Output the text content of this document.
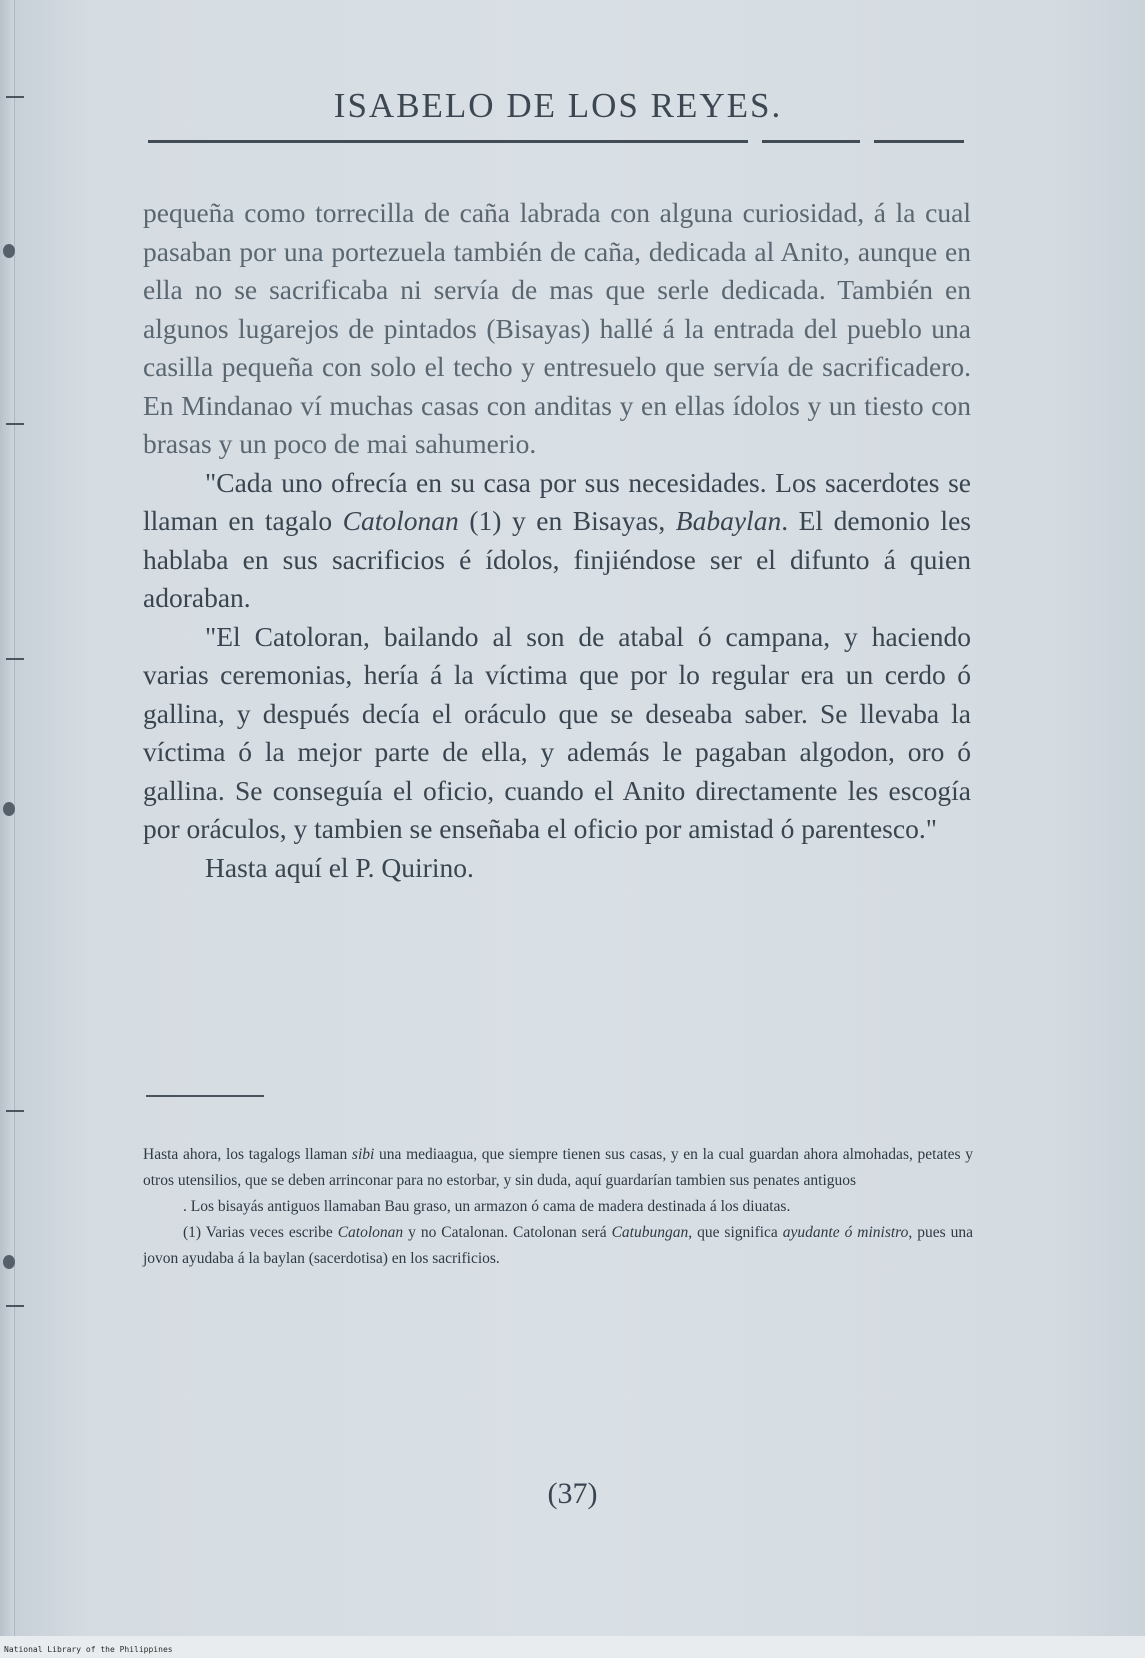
ISABELO DE LOS REYES.

pequeña como torrecilla de caña labrada con alguna curiosidad, á la cual pasaban por una portezuela también de caña, dedicada al Anito, aunque en ella no se sacrificaba ni servía de mas que serle dedicada. También en algunos lugarejos de pintados (Bisayas) hallé á la entrada del pueblo una casilla pequeña con solo el techo y entresuelo que servía de sacrificadero. En Mindanao ví muchas casas con anditas y en ellas ídolos y un tiesto con brasas y un poco de mai sahumerio.

"Cada uno ofrecía en su casa por sus necesidades. Los sacerdotes se llaman en tagalo Catolonan (1) y en Bisayas, Babaylan. El demonio les hablaba en sus sacrificios é ídolos, finjiéndose ser el difunto á quien adoraban.

"El Catoloran, bailando al son de atabal ó campana, y haciendo varias ceremonias, hería á la víctima que por lo regular era un cerdo ó gallina, y después decía el oráculo que se deseaba saber. Se llevaba la víctima ó la mejor parte de ella, y además le pagaban algodon, oro ó gallina. Se conseguía el oficio, cuando el Anito directamente les escogía por oráculos, y tambien se enseñaba el oficio por amistad ó parentesco."

Hasta aquí el P. Quirino.

Hasta ahora, los tagalogs llaman sibi una mediaagua, que siempre tienen sus casas, y en la cual guardan ahora almohadas, petates y otros utensilios, que se deben arrinconar para no estorbar, y sin duda, aquí guardarían tambien sus penates antiguos

. Los bisayás antiguos llamaban Bau graso, un armazon ó cama de madera destinada á los diuatas.

(1) Varias veces escribe Catolonan y no Catalonan. Catolonan será Catubungan, que significa ayudante ó ministro, pues una jovon ayudaba á la baylan (sacerdotisa) en los sacrificios.

(37)
National Library of the Philippines
